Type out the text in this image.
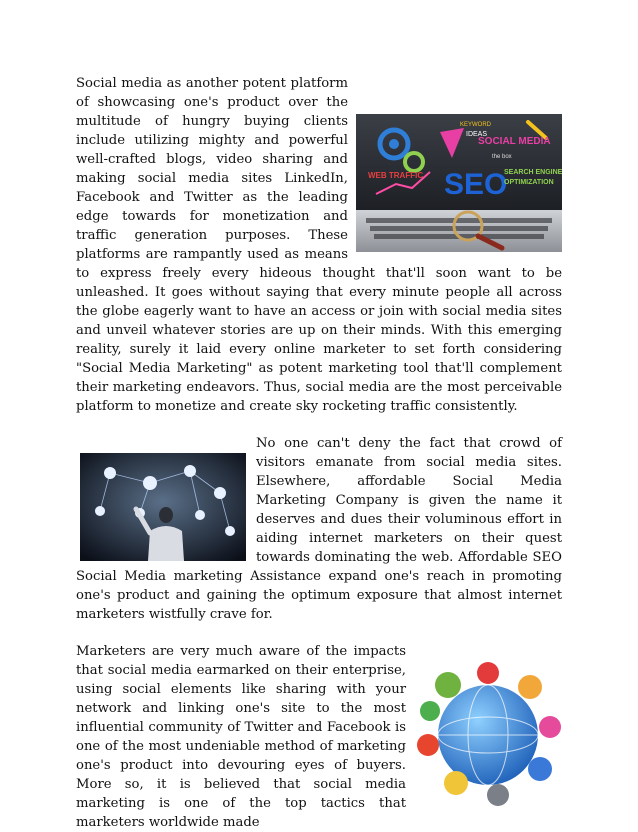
KEYWORD
IDEAS
SOCIAL MEDIA
the box
SEO
SEARCH ENGINE
OPTIMIZATION
WEB TRAFFIC

Social media as another potent platform of showcasing one's product over the multitude of hungry buying clients include utilizing mighty and powerful well-crafted blogs, video sharing and making social media sites LinkedIn, Facebook and Twitter as the leading edge towards for monetization and traffic generation purposes. These platforms are rampantly used as means to express freely every hideous thought that'll soon want to be unleashed. It goes without saying that every minute people all across the globe eagerly want to have an access or join with social media sites and unveil whatever stories are up on their minds. With this emerging reality, surely it laid every online marketer to set forth considering "Social Media Marketing" as potent marketing tool that'll complement their marketing endeavors. Thus, social media are the most perceivable platform to monetize and create sky rocketing traffic consistently.

No one can't deny the fact that crowd of visitors emanate from social media sites. Elsewhere, affordable Social Media Marketing Company is given the name it deserves and dues their voluminous effort in aiding internet marketers on their quest towards dominating the web. Affordable SEO Social Media marketing Assistance expand one's reach in promoting one's product and gaining the optimum exposure that almost internet marketers wistfully crave for.

Marketers are very much aware of the impacts that social media earmarked on their enterprise, using social elements like sharing with your network and linking one's site to the most influential community of Twitter and Facebook is one of the most undeniable method of marketing one's product into devouring eyes of buyers. More so, it is believed that social media marketing is one of the top tactics that marketers worldwide made
